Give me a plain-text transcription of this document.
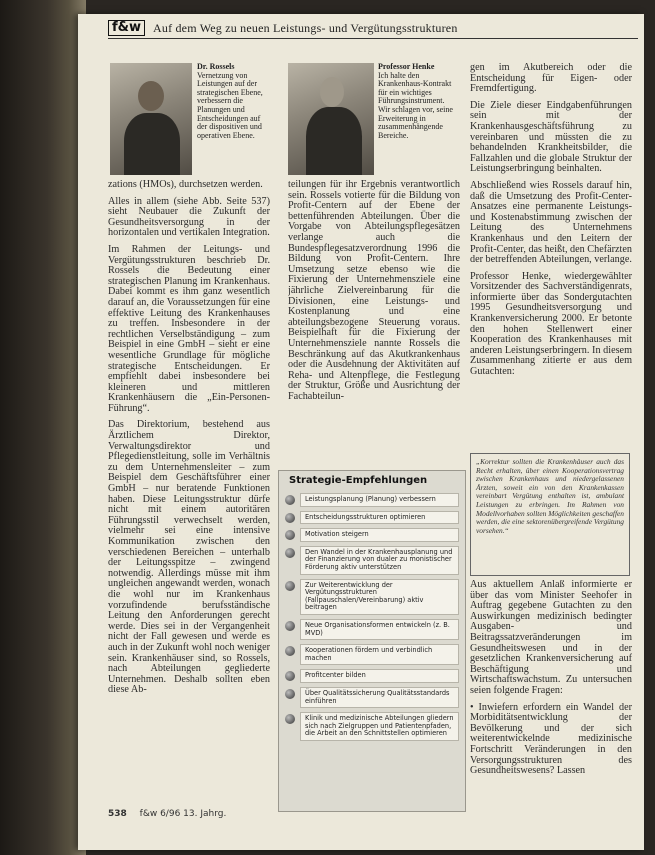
f&w	Auf dem Weg zu neuen Leistungs- und Vergütungsstrukturen
Dr. Rossels
Vernetzung von Leistungen auf der strategischen Ebene, verbessern die Planungen und Entscheidungen auf der dispositiven und operativen Ebene.
Professor Henke
Ich halte den Krankenhaus-Kontrakt für ein wichtiges Führungsinstrument. Wir schlagen vor, seine Erweiterung in zusammenhängende Bereiche.

zations (HMOs), durchsetzen werden.

Alles in allem (siehe Abb. Seite 537) sieht Neubauer die Zukunft der Gesundheitsversorgung in der horizontalen und vertikalen Integration.

Im Rahmen der Leitungs- und Vergütungsstrukturen beschrieb Dr. Rossels die Bedeutung einer strategischen Planung im Krankenhaus. Dabei kommt es ihm ganz wesentlich darauf an, die Voraussetzungen für eine effektive Leitung des Krankenhauses zu treffen. Insbesondere in der rechtlichen Verselbständigung – zum Beispiel in eine GmbH – sieht er eine wesentliche Grundlage für mögliche strategische Entscheidungen. Er empfiehlt dabei insbesondere bei kleineren und mittleren Krankenhäusern die „Ein-Personen-Führung“.

Das Direktorium, bestehend aus Ärztlichem Direktor, Verwaltungsdirektor und Pflegedienstleitung, solle im Verhältnis zu dem Unternehmensleiter – zum Beispiel dem Geschäftsführer einer GmbH – nur beratende Funktionen haben. Diese Leitungsstruktur dürfe nicht mit einem autoritären Führungsstil verwechselt werden, vielmehr sei eine intensive Kommunikation zwischen den verschiedenen Bereichen – unterhalb der Leitungsspitze – zwingend notwendig. Allerdings müsse mit ihm ungleichen angewandt werden, wonach die wohl nur im Krankenhaus vorzufindende berufsständische Leitung den Anforderungen gerecht werde. Dies sei in der Vergangenheit nicht der Fall gewesen und werde es auch in der Zukunft wohl noch weniger sein. Krankenhäuser sind, so Rossels, nach Abteilungen gegliederte Unternehmen. Deshalb sollten eben diese Ab-

teilungen für ihr Ergebnis verantwortlich sein. Rossels votierte für die Bildung von Profit-Centern auf der Ebene der bettenführenden Abteilungen. Über die Vorgabe von Abteilungspflegesätzen verlange auch die Bundespflegesatzverordnung 1996 die Bildung von Profit-Centern. Ihre Umsetzung setze ebenso wie die Fixierung der Unternehmensziele eine jährliche Zielvereinbarung für die Divisionen, eine Leistungs- und Kostenplanung und eine abteilungsbezogene Steuerung voraus. Beispielhaft für die Fixierung der Unternehmensziele nannte Rossels die Beschränkung auf das Akutkrankenhaus oder die Ausdehnung der Aktivitäten auf Reha- und Altenpflege, die Festlegung der Struktur, Größe und Ausrichtung der Fachabteilun-

gen im Akutbereich oder die Entscheidung für Eigen- oder Fremdfertigung.

Die Ziele dieser Eindgabenführungen sein mit der Krankenhausgeschäftsführung zu vereinbaren und müssten die zu behandelnden Krankheitsbilder, die Fallzahlen und die globale Struktur der Leistungserbringung beinhalten.

Abschließend wies Rossels darauf hin, daß die Umsetzung des Profit-Center-Ansatzes eine permanente Leistungs- und Kostenabstimmung zwischen der Leitung des Unternehmens Krankenhaus und den Leitern der Profit-Center, das heißt, den Chefärzten der betreffenden Abteilungen, verlange.

Professor Henke, wiedergewählter Vorsitzender des Sachverständigenrats, informierte über das Sondergutachten 1995 Gesundheitsversorgung und Krankenversicherung 2000. Er betonte den hohen Stellenwert einer Kooperation des Krankenhauses mit anderen Leistungserbringern. In diesem Zusammenhang zitierte er aus dem Gutachten:

„Korrektur sollten die Krankenhäuser auch das Recht erhalten, über einen Kooperationsvertrag zwischen Krankenhaus und niedergelassenen Ärzten, soweit ein von den Krankenkassen vereinbart Vergütung enthalten ist, ambulant Leistungen zu erbringen. Im Rahmen von Modellvorhaben sollten Möglichkeiten geschaffen werden, die eine sektorenübergreifende Vergütung vorsehen.“

Aus aktuellem Anlaß informierte er über das vom Minister Seehofer in Auftrag gegebene Gutachten zu den Auswirkungen medizinisch bedingter Ausgaben- und Beitragssatzveränderungen im Gesundheitswesen und in der gesetzlichen Krankenversicherung auf Beschäftigung und Wirtschaftswachstum. Zu untersuchen seien folgende Fragen:

• Inwiefern erfordern ein Wandel der Morbiditätsentwicklung der Bevölkerung und der sich weiterentwickelnde medizinische Fortschritt Veränderungen in den Versorgungsstrukturen des Gesundheitswesens? Lassen

Strategie-Empfehlungen
Leistungsplanung (Planung) verbessern
Entscheidungsstrukturen optimieren
Motivation steigern
Den Wandel in der Krankenhausplanung und der Finanzierung von dualer zu monistischer Förderung aktiv unterstützen
Zur Weiterentwicklung der Vergütungsstrukturen (Fallpauschalen/Vereinbarung) aktiv beitragen
Neue Organisationsformen entwickeln (z. B. MVD)
Kooperationen fördern und verbindlich machen
Profitcenter bilden
Über Qualitätssicherung Qualitätsstandards einführen
Klinik und medizinische Abteilungen gliedern sich nach Zielgruppen und Patientenpfaden, die Arbeit an den Schnittstellen optimieren
538 f&w 6/96 13. Jahrg.
